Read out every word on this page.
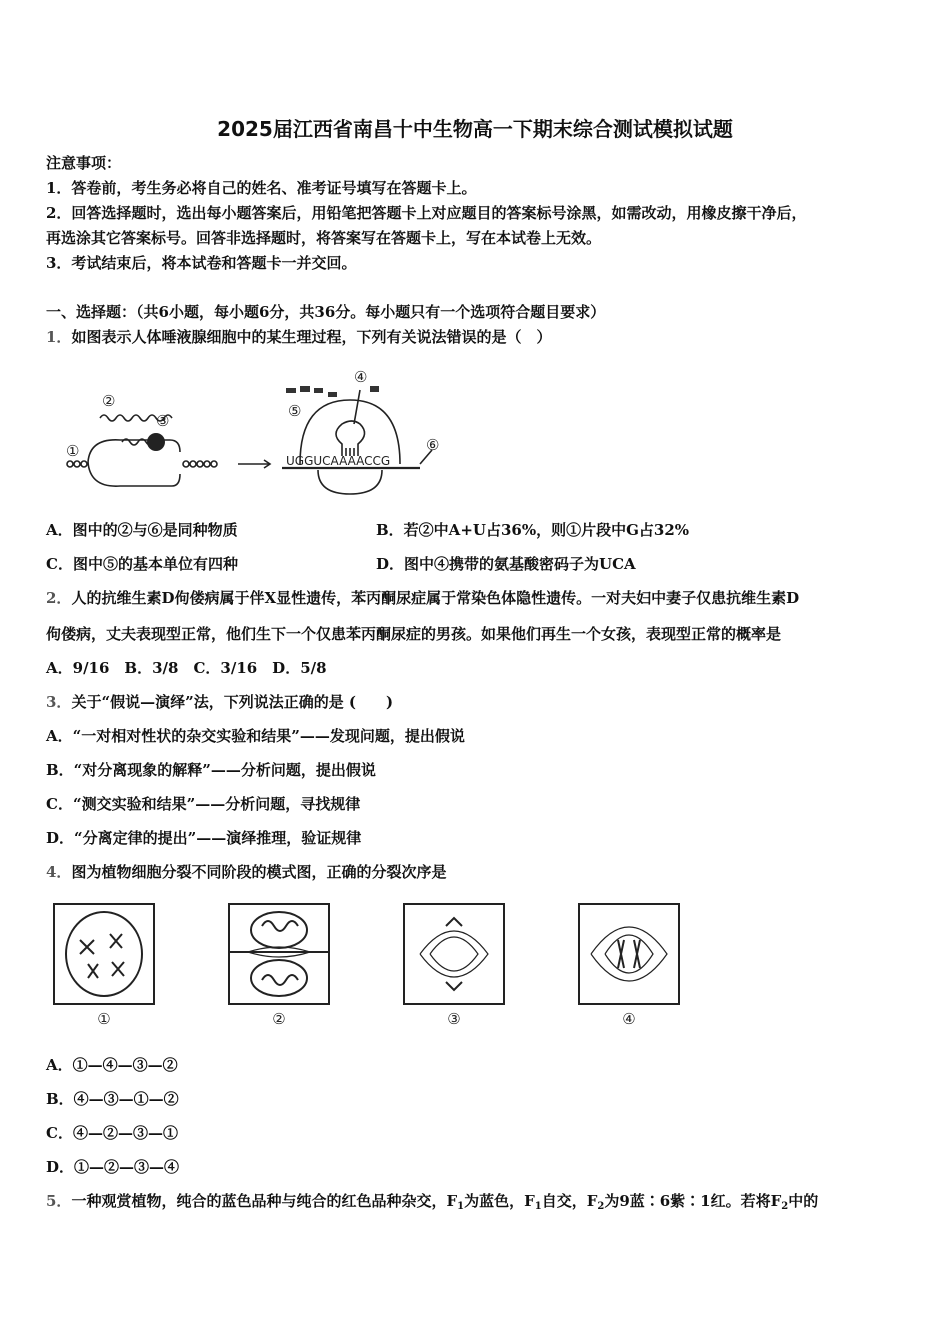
2025届江西省南昌十中生物高一下期末综合测试模拟试题
注意事项：
1．答卷前，考生务必将自己的姓名、准考证号填写在答题卡上。
2．回答选择题时，选出每小题答案后，用铅笔把答题卡上对应题目的答案标号涂黑，如需改动，用橡皮擦干净后，
再选涂其它答案标号。回答非选择题时，将答案写在答题卡上，写在本试卷上无效。
3．考试结束后，将本试卷和答题卡一并交回。
一、选择题：（共6小题，每小题6分，共36分。每小题只有一个选项符合题目要求）
1．如图表示人体唾液腺细胞中的某生理过程，下列有关说法错误的是（　）
①
②
③
④
⑤
⑥
UGGUCAAAACCG
A．图中的②与⑥是同种物质	B．若②中A+U占36%，则①片段中G占32%
C．图中⑤的基本单位有四种	D．图中④携带的氨基酸密码子为UCA
2．人的抗维生素D佝偻病属于伴X显性遗传，苯丙酮尿症属于常染色体隐性遗传。一对夫妇中妻子仅患抗维生素D
佝偻病，丈夫表现型正常，他们生下一个仅患苯丙酮尿症的男孩。如果他们再生一个女孩，表现型正常的概率是
A．9/16　B．3/8　C．3/16　D．5/8
3．关于“假说—演绎”法，下列说法正确的是 (　　)
A．“一对相对性状的杂交实验和结果”——发现问题，提出假说
B．“对分离现象的解释”——分析问题，提出假说
C．“测交实验和结果”——分析问题，寻找规律
D．“分离定律的提出”——演绎推理，验证规律
4．图为植物细胞分裂不同阶段的模式图，正确的分裂次序是
①	②	③	④
A．①—④—③—②
B．④—③—①—②
C．④—②—③—①
D．①—②—③—④
5．一种观赏植物，纯合的蓝色品种与纯合的红色品种杂交，$F_1$为蓝色，$F_1$自交，$F_2$为9蓝∶6紫∶1红。若将$F_2$中的
